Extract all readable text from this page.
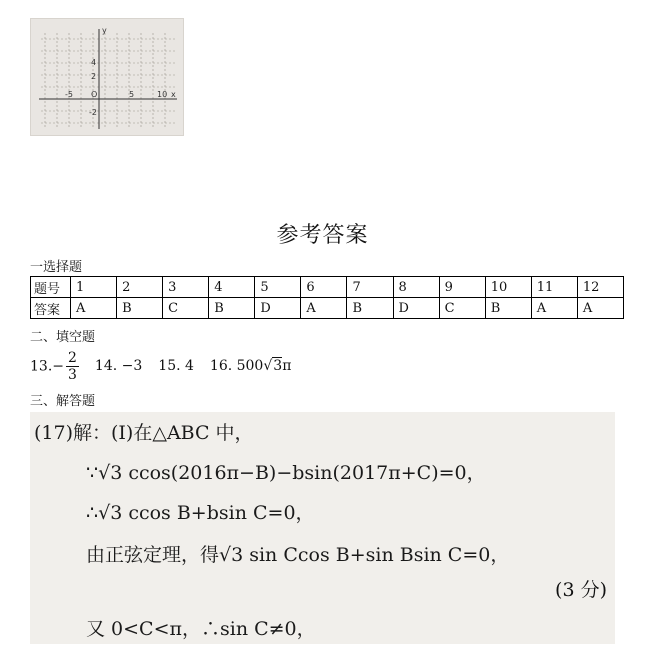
y
x
O
4
2
-5
-2
5	10
参考答案
一选择题
题号	1	2	3	4	5	6	7	8	9	10	11	12
答案	A	B	C	B	D	A	B	D	C	B	A	A
二、填空题
$13.- \frac{2}{3} 14$. −3 15. 4 16. 500√3π
三、解答题
(17)解：(Ⅰ)在△ABC 中，
∵√3 ccos(2016π−B)−bsin(2017π+C)=0，
∴√3 ccos B+bsin C=0，
由正弦定理，得√3 sin Ccos B+sin Bsin C=0，
(3 分)
又 0<C<π，∴sin C≠0，
